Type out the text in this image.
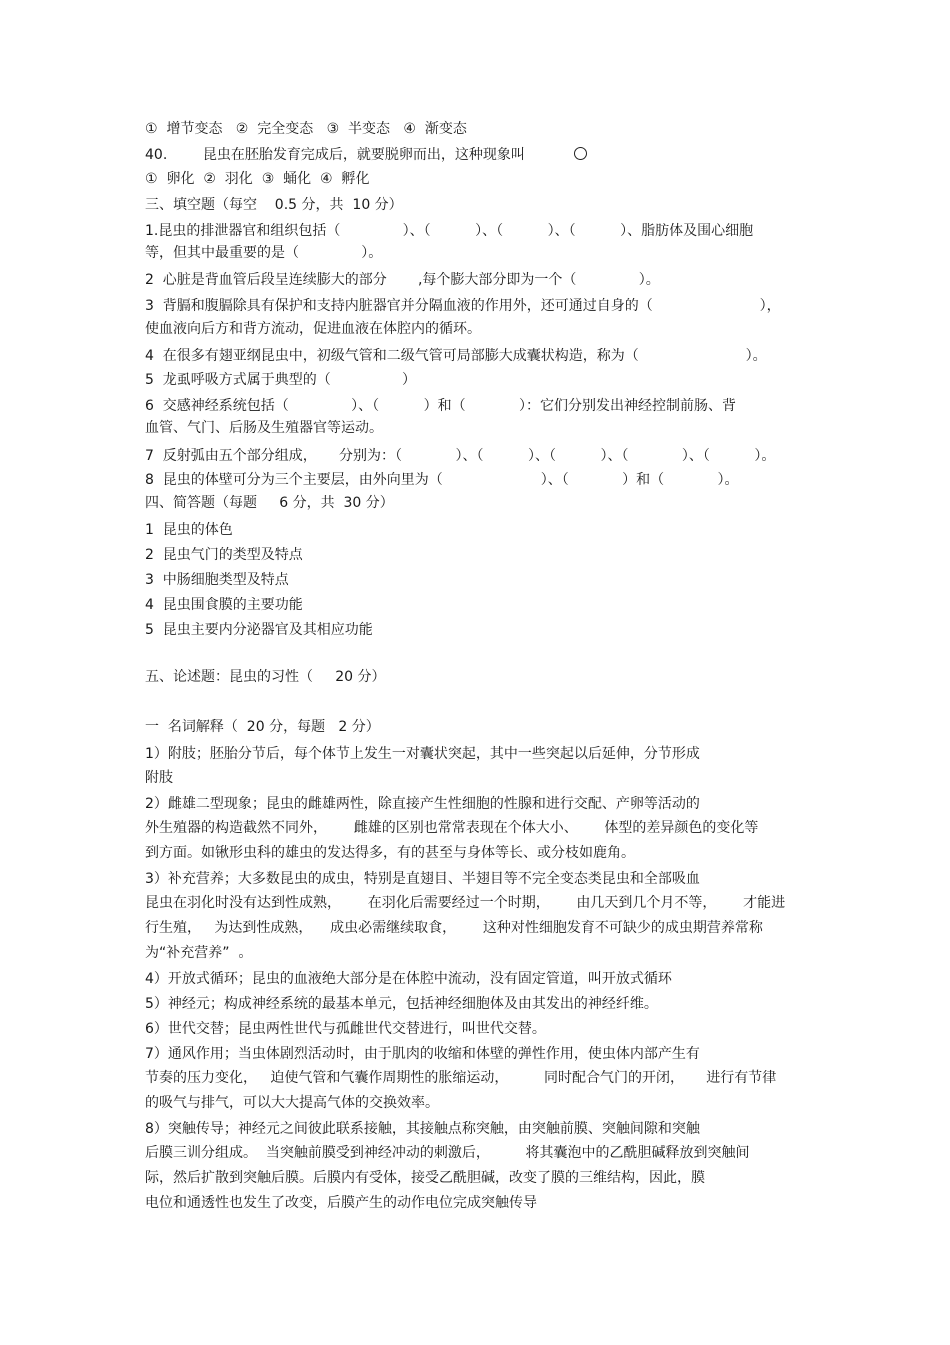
①  增节变态   ②  完全变态   ③  半变态   ④  渐变态
40.        昆虫在胚胎发育完成后，就要脱卵而出，这种现象叫
①  卵化  ②  羽化  ③  蛹化  ④  孵化
三、填空题（每空    0.5 分，共  10 分）
1.昆虫的排泄器官和组织包括（              ）、（          ）、（          ）、（          ）、脂肪体及围心细胞
等，但其中最重要的是（              ）。
2  心脏是背血管后段呈连续膨大的部分       ,每个膨大部分即为一个（              ）。
3  背膈和腹膈除具有保护和支持内脏器官并分隔血液的作用外，还可通过自身的（                        ），
使血液向后方和背方流动，促进血液在体腔内的循环。
4  在很多有翅亚纲昆虫中，初级气管和二级气管可局部膨大成囊状构造，称为（                        ）。
5  龙虱呼吸方式属于典型的（                ）
6  交感神经系统包括（              ）、（          ）和（            ）：它们分别发出神经控制前肠、背
血管、气门、后肠及生殖器官等运动。
7  反射弧由五个部分组成，     分别为：（            ）、（          ）、（          ）、（            ）、（          ）。
8  昆虫的体壁可分为三个主要层，由外向里为（                      ）、（            ）和（            ）。
四、简答题（每题     6 分，共  30 分）
1  昆虫的体色
2  昆虫气门的类型及特点
3  中肠细胞类型及特点
4  昆虫围食膜的主要功能
5  昆虫主要内分泌器官及其相应功能
五、论述题：昆虫的习性（     20 分）
一  名词解释（  20 分，每题   2 分）
1）附肢；胚胎分节后，每个体节上发生一对囊状突起，其中一些突起以后延伸，分节形成
附肢
2）雌雄二型现象；昆虫的雌雄两性，除直接产生性细胞的性腺和进行交配、产卵等活动的
外生殖器的构造截然不同外，      雌雄的区别也常常表现在个体大小、      体型的差异颜色的变化等
到方面。如锹形虫科的雄虫的发达得多，有的甚至与身体等长、或分枝如鹿角。
3）补充营养；大多数昆虫的成虫，特别是直翅目、半翅目等不完全变态类昆虫和全部吸血
昆虫在羽化时没有达到性成熟，      在羽化后需要经过一个时期，      由几天到几个月不等，      才能进
行生殖，   为达到性成熟，    成虫必需继续取食，      这种对性细胞发育不可缺少的成虫期营养常称
为“补充营养”  。
4）开放式循环；昆虫的血液绝大部分是在体腔中流动，没有固定管道，叫开放式循环
5）神经元；构成神经系统的最基本单元，包括神经细胞体及由其发出的神经纤维。
6）世代交替；昆虫两性世代与孤雌世代交替进行，叫世代交替。
7）通风作用；当虫体剧烈活动时，由于肌肉的收缩和体壁的弹性作用，使虫体内部产生有
节奏的压力变化，   迫使气管和气囊作周期性的胀缩运动，        同时配合气门的开闭，     进行有节律
的吸气与排气，可以大大提高气体的交换效率。
8）突触传导；神经元之间彼此联系接触，其接触点称突触，由突触前膜、突触间隙和突触
后膜三训分组成。  当突触前膜受到神经冲动的刺激后，        将其囊泡中的乙酰胆碱释放到突触间
际，然后扩散到突触后膜。后膜内有受体，接受乙酰胆碱，改变了膜的三维结构，因此，膜
电位和通透性也发生了改变，后膜产生的动作电位完成突触传导
